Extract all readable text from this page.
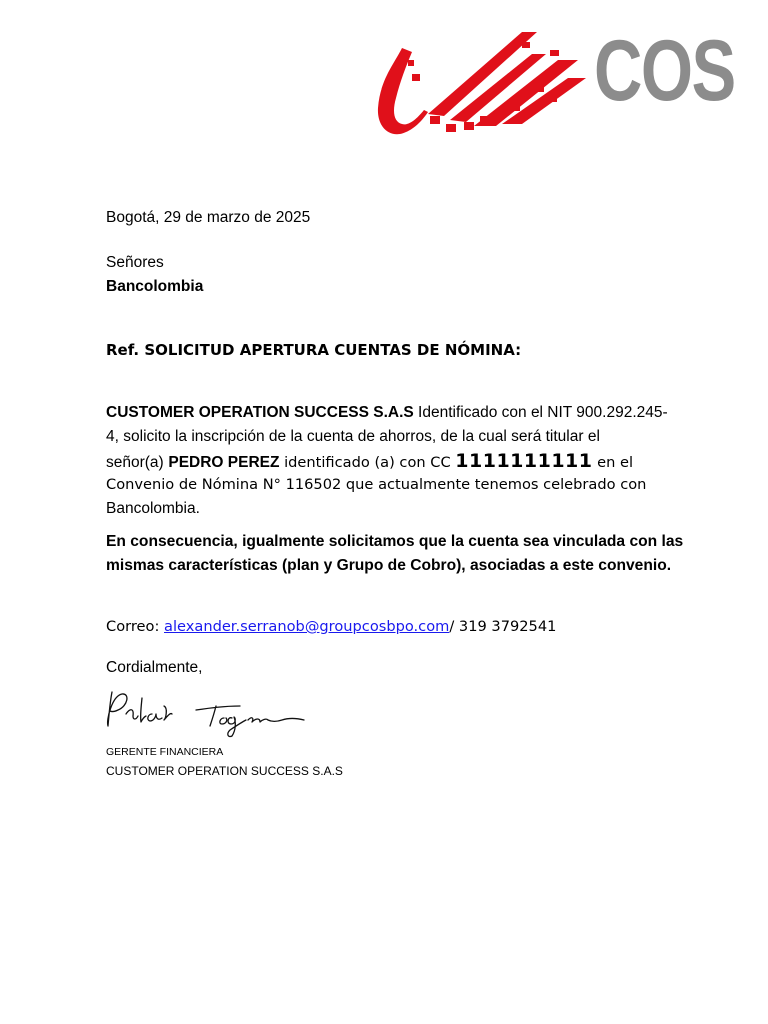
COS
Bogotá, 29 de marzo de 2025
Señores
Bancolombia
Ref. SOLICITUD APERTURA CUENTAS DE NÓMINA:
CUSTOMER OPERATION SUCCESS S.A.S Identificado con el NIT 900.292.245-
4, solicito la inscripción de la cuenta de ahorros, de la cual será titular el
señor(a) PEDRO PEREZ identificado (a) con CC 1111111111 en el
Convenio de Nómina N° 116502 que actualmente tenemos celebrado con
Bancolombia.
En consecuencia, igualmente solicitamos que la cuenta sea vinculada con las
mismas características (plan y Grupo de Cobro), asociadas a este convenio.
Correo: alexander.serranob@groupcosbpo.com/ 319 3792541
Cordialmente,
GERENTE FINANCIERA
CUSTOMER OPERATION SUCCESS S.A.S
